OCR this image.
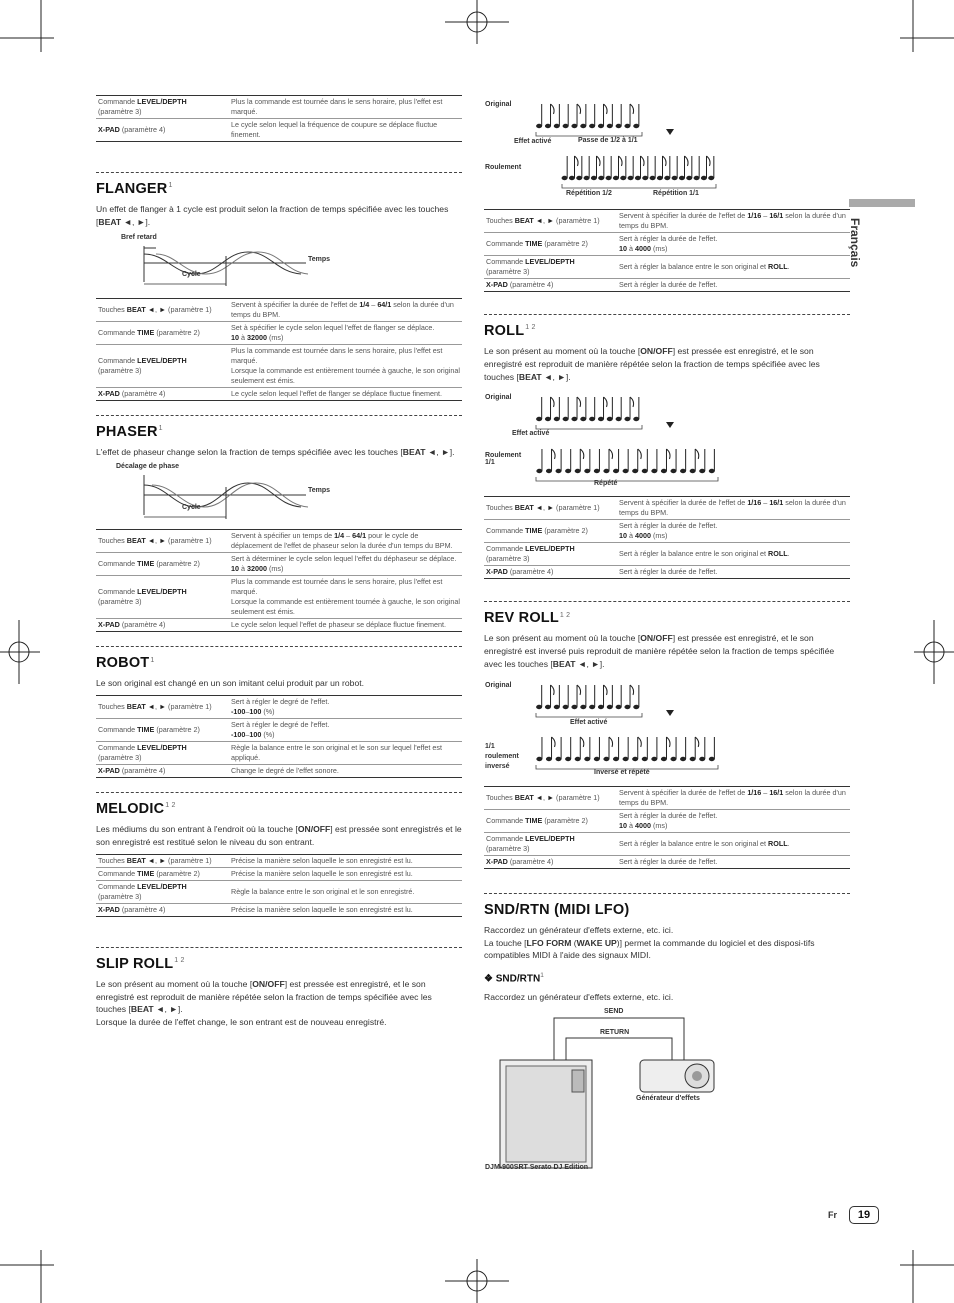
Français
Commande LEVEL/DEPTH (paramètre 3)	Plus la commande est tournée dans le sens horaire, plus l'effet est marqué.
X-PAD (paramètre 4)	Le cycle selon lequel la fréquence de coupure se déplace fluctue finement.
FLANGER$^1$
Un effet de flanger à 1 cycle est produit selon la fraction de temps spécifiée avec les touches [BEAT ◄, ►].
Bref retard
Temps
Cycle
Touches BEAT ◄, ► (paramètre 1)	Servent à spécifier la durée de l'effet de 1/4 – 64/1 selon la durée d'un temps du BPM.
Commande TIME (paramètre 2)	Set à spécifier le cycle selon lequel l'effet de flanger se déplace.
10 à 32000 (ms)
Commande LEVEL/DEPTH (paramètre 3)	Plus la commande est tournée dans le sens horaire, plus l'effet est marqué.
Lorsque la commande est entièrement tournée à gauche, le son original seulement est émis.
X-PAD (paramètre 4)	Le cycle selon lequel l'effet de flanger se déplace fluctue finement.
PHASER$^1$
L'effet de phaseur change selon la fraction de temps spécifiée avec les touches [BEAT ◄, ►].
Décalage de phase
Temps
Cycle
Touches BEAT ◄, ► (paramètre 1)	Servent à spécifier un temps de 1/4 – 64/1 pour le cycle de déplacement de l'effet de phaseur selon la durée d'un temps du BPM.
Commande TIME (paramètre 2)	Sert à déterminer le cycle selon lequel l'effet du déphaseur se déplace.
10 à 32000 (ms)
Commande LEVEL/DEPTH (paramètre 3)	Plus la commande est tournée dans le sens horaire, plus l'effet est marqué.
Lorsque la commande est entièrement tournée à gauche, le son original seulement est émis.
X-PAD (paramètre 4)	Le cycle selon lequel l'effet de phaseur se déplace fluctue finement.
ROBOT$^1$
Le son original est changé en un son imitant celui produit par un robot.
Touches BEAT ◄, ► (paramètre 1)	Sert à régler le degré de l'effet.
-100–100 (%)
Commande TIME (paramètre 2)	Sert à régler le degré de l'effet.
-100–100 (%)
Commande LEVEL/DEPTH (paramètre 3)	Règle la balance entre le son original et le son sur lequel l'effet est appliqué.
X-PAD (paramètre 4)	Change le degré de l'effet sonore.
$MELODIC^{1 2}$
Les médiums du son entrant à l'endroit où la touche [ON/OFF] est pressée sont enregistrés et le son enregistré est restitué selon le niveau du son entrant.
Touches BEAT ◄, ► (paramètre 1)	Précise la manière selon laquelle le son enregistré est lu.
Commande TIME (paramètre 2)	Précise la manière selon laquelle le son enregistré est lu.
Commande LEVEL/DEPTH (paramètre 3)	Règle la balance entre le son original et le son enregistré.
X-PAD (paramètre 4)	Précise la manière selon laquelle le son enregistré est lu.
SLIP $ROLL^{1 2}$
Le son présent au moment où la touche [ON/OFF] est pressée est enregistré, et le son enregistré est reproduit de manière répétée selon la fraction de temps spécifiée avec les touches [BEAT ◄, ►].
Lorsque la durée de l'effet change, le son entrant est de nouveau enregistré.
Original
Effet activé	Passe de 1/2 à 1/1
Roulement
Répétition 1/2	Répétition 1/1
Touches BEAT ◄, ► (paramètre 1)	Servent à spécifier la durée de l'effet de 1/16 – 16/1 selon la durée d'un temps du BPM.
Commande TIME (paramètre 2)	Sert à régler la durée de l'effet.
10 à 4000 (ms)
Commande LEVEL/DEPTH (paramètre 3)	Sert à régler la balance entre le son original et ROLL.
X-PAD (paramètre 4)	Sert à régler la durée de l'effet.
$ROLL^{1 2}$
Le son présent au moment où la touche [ON/OFF] est pressée est enregistré, et le son enregistré est reproduit de manière répétée selon la fraction de temps spécifiée avec les touches [BEAT ◄, ►].
Original
Effet activé
Roulement
1/1
Répété
Touches BEAT ◄, ► (paramètre 1)	Servent à spécifier la durée de l'effet de 1/16 – 16/1 selon la durée d'un temps du BPM.
Commande TIME (paramètre 2)	Sert à régler la durée de l'effet.
10 à 4000 (ms)
Commande LEVEL/DEPTH (paramètre 3)	Sert à régler la balance entre le son original et ROLL.
X-PAD (paramètre 4)	Sert à régler la durée de l'effet.
REV $ROLL^{1 2}$
Le son présent au moment où la touche [ON/OFF] est pressée est enregistré, et le son enregistré est inversé puis reproduit de manière répétée selon la fraction de temps spécifiée avec les touches [BEAT ◄, ►].
Original
Effet activé
1/1
roulement
inversé
Inversé et répété
Touches BEAT ◄, ► (paramètre 1)	Servent à spécifier la durée de l'effet de 1/16 – 16/1 selon la durée d'un temps du BPM.
Commande TIME (paramètre 2)	Sert à régler la durée de l'effet.
10 à 4000 (ms)
Commande LEVEL/DEPTH (paramètre 3)	Sert à régler la balance entre le son original et ROLL.
X-PAD (paramètre 4)	Sert à régler la durée de l'effet.
SND/RTN (MIDI LFO)
Raccordez un générateur d'effets externe, etc. ici.
La touche [LFO FORM (WAKE UP)] permet la commande du logiciel et des disposi-tifs compatibles MIDI à l'aide des signaux MIDI.
❖ SND/RTN$^1$
Raccordez un générateur d'effets externe, etc. ici.
SEND
RETURN
Générateur d'effets
DJM-900SRT Serato DJ Edition
Fr	19
